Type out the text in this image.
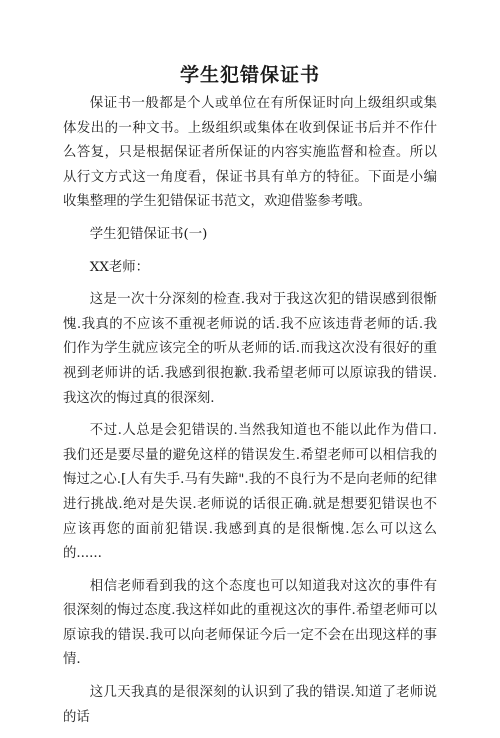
学生犯错保证书

保证书一般都是个人或单位在有所保证时向上级组织或集体发出的一种文书。上级组织或集体在收到保证书后并不作什么答复，只是根据保证者所保证的内容实施监督和检查。所以从行文方式这一角度看，保证书具有单方的特征。下面是小编收集整理的学生犯错保证书范文，欢迎借鉴参考哦。

学生犯错保证书(一)

XX老师：

这是一次十分深刻的检查.我对于我这次犯的错误感到很惭愧.我真的不应该不重视老师说的话.我不应该违背老师的话.我们作为学生就应该完全的听从老师的话.而我这次没有很好的重视到老师讲的话.我感到很抱歉.我希望老师可以原谅我的错误.我这次的悔过真的很深刻.

不过.人总是会犯错误的.当然我知道也不能以此作为借口.我们还是要尽量的避免这样的错误发生.希望老师可以相信我的悔过之心.[人有失手.马有失蹄".我的不良行为不是向老师的纪律进行挑战.绝对是失误.老师说的话很正确.就是想要犯错误也不应该再您的面前犯错误.我感到真的是很惭愧.怎么可以这么的......

相信老师看到我的这个态度也可以知道我对这次的事件有很深刻的悔过态度.我这样如此的重视这次的事件.希望老师可以原谅我的错误.我可以向老师保证今后一定不会在出现这样的事情.

这几天我真的是很深刻的认识到了我的错误.知道了老师说的话
